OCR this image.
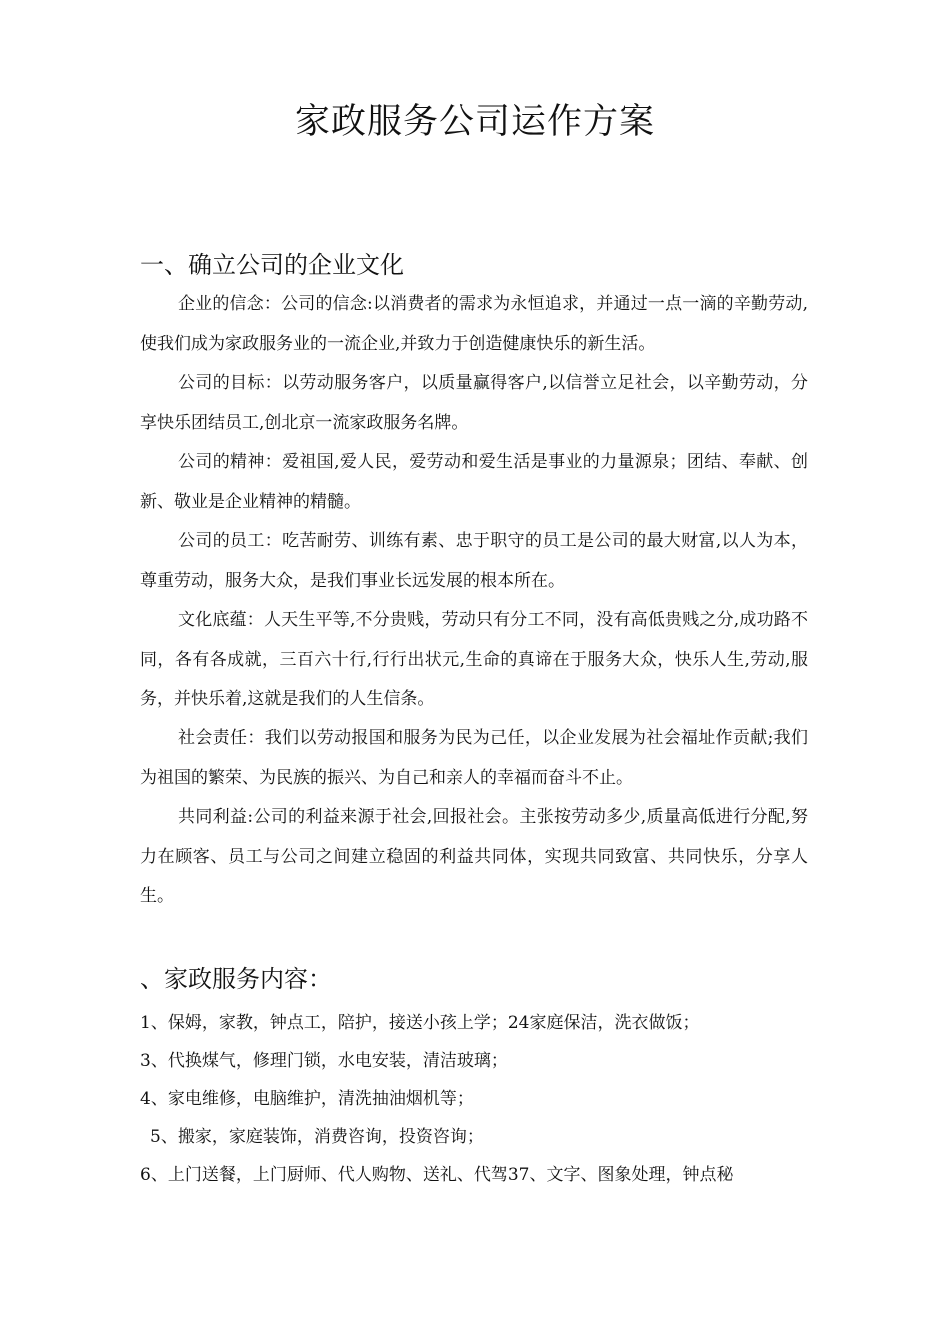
家政服务公司运作方案
一、确立公司的企业文化

企业的信念：公司的信念:以消费者的需求为永恒追求，并通过一点一滴的辛勤劳动,使我们成为家政服务业的一流企业,并致力于创造健康快乐的新生活。

公司的目标：以劳动服务客户，以质量赢得客户,以信誉立足社会，以辛勤劳动，分享快乐团结员工,创北京一流家政服务名牌。

公司的精神：爱祖国,爱人民，爱劳动和爱生活是事业的力量源泉；团结、奉献、创新、敬业是企业精神的精髓。

公司的员工：吃苦耐劳、训练有素、忠于职守的员工是公司的最大财富,以人为本，尊重劳动，服务大众，是我们事业长远发展的根本所在。

文化底蕴：人天生平等,不分贵贱，劳动只有分工不同，没有高低贵贱之分,成功路不同，各有各成就，三百六十行,行行出状元,生命的真谛在于服务大众，快乐人生,劳动,服务，并快乐着,这就是我们的人生信条。

社会责任：我们以劳动报国和服务为民为己任，以企业发展为社会福址作贡献;我们为祖国的繁荣、为民族的振兴、为自己和亲人的幸福而奋斗不止。

共同利益:公司的利益来源于社会,回报社会。主张按劳动多少,质量高低进行分配,努力在顾客、员工与公司之间建立稳固的利益共同体，实现共同致富、共同快乐，分享人生。

、家政服务内容：
1、保姆，家教，钟点工，陪护，接送小孩上学；24家庭保洁，洗衣做饭；
3、代换煤气，修理门锁，水电安装，清洁玻璃；
4、家电维修，电脑维护，清洗抽油烟机等；
5、搬家，家庭装饰，消费咨询，投资咨询；
6、上门送餐，上门厨师、代人购物、送礼、代驾37、文字、图象处理，钟点秘
